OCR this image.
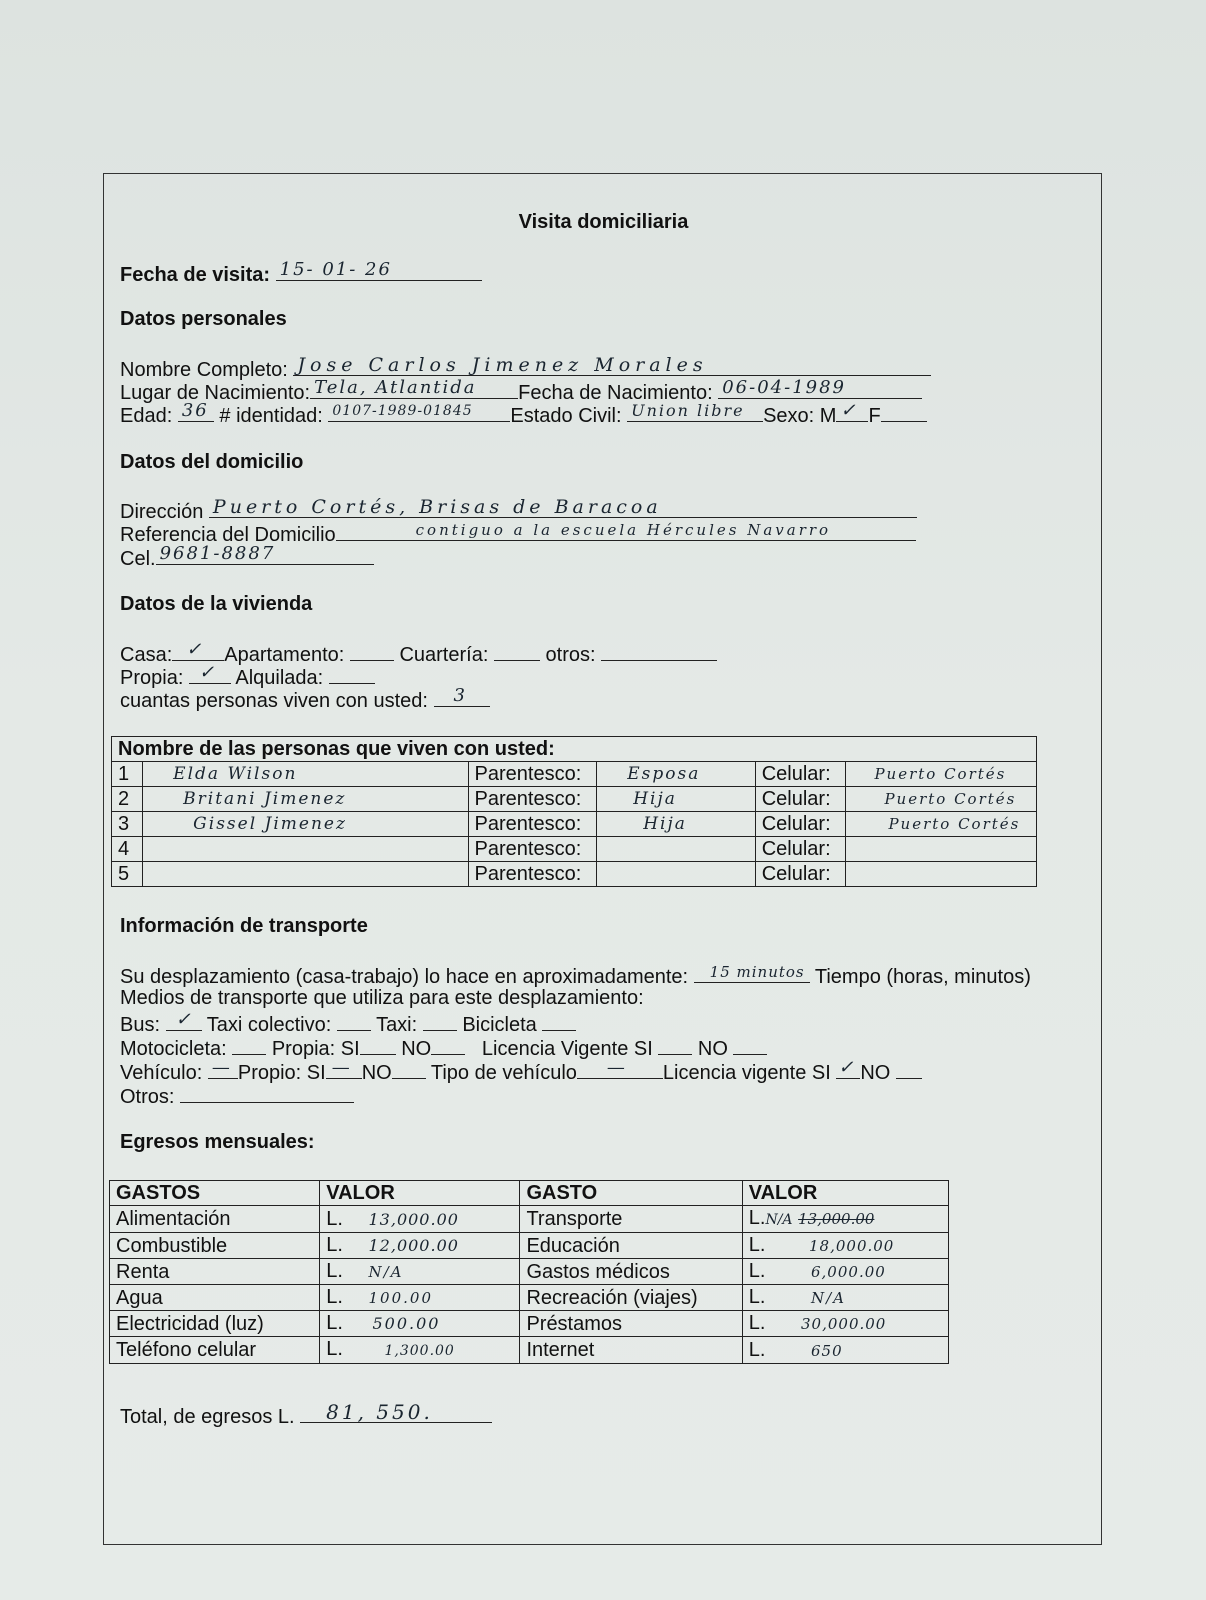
Visita domiciliaria
Fecha de visita: 15- 01- 26
Datos personales
Nombre Completo: Jose Carlos Jimenez Morales
Lugar de Nacimiento: Tela, Atlantida Fecha de Nacimiento: 06-04-1989
Edad: 36 # identidad: 0107-1989-01845 Estado Civil: Union libre Sexo: M ✓ F
Datos del domicilio
Dirección Puerto Cortés, Brisas de Baracoa
Referencia del Domicilio	contiguo a la escuela Hércules Navarro
Cel. 9681-8887
Datos de la vivienda
Casa: ✓ Apartamento:	Cuartería:	otros:
Propia: ✓ Alquilada:
cuantas personas viven con usted: 3
Nombre de las personas que viven con usted:					
1	Elda Wilson	Parentesco:	Esposa	Celular:	Puerto Cortés
2	Britani Jimenez	Parentesco:	Hija	Celular:	Puerto Cortés
3	Gissel Jimenez	Parentesco:	Hija	Celular:	Puerto Cortés
4		Parentesco:		Celular:	
5		Parentesco:		Celular:	
Información de transporte
Su desplazamiento (casa-trabajo) lo hace en aproximadamente: 15 minutos Tiempo (horas, minutos)
Medios de transporte que utiliza para este desplazamiento:
Bus: ✓ Taxi colectivo: Taxi: Bicicleta
Motocicleta: Propia: SI NO	Licencia Vigente SI NO
Vehículo: — Propio: SI — NO Tipo de vehículo — Licencia vigente SI ✓ NO
Otros:
Egresos mensuales:
GASTOS	VALOR	GASTO	VALOR
Alimentación	L. 13,000.00	Transporte	L.N/A 13,000.00
Combustible	L. 12,000.00	Educación	L. 18,000.00
Renta	L. N/A	Gastos médicos	L. 6,000.00
Agua	L. 100.00	Recreación (viajes)	L. N/A
Electricidad (luz)	L. 500.00	Préstamos	L. 30,000.00
Teléfono celular	L. 1,300.00	Internet	L. 650
Total, de egresos L. 81, 550.
